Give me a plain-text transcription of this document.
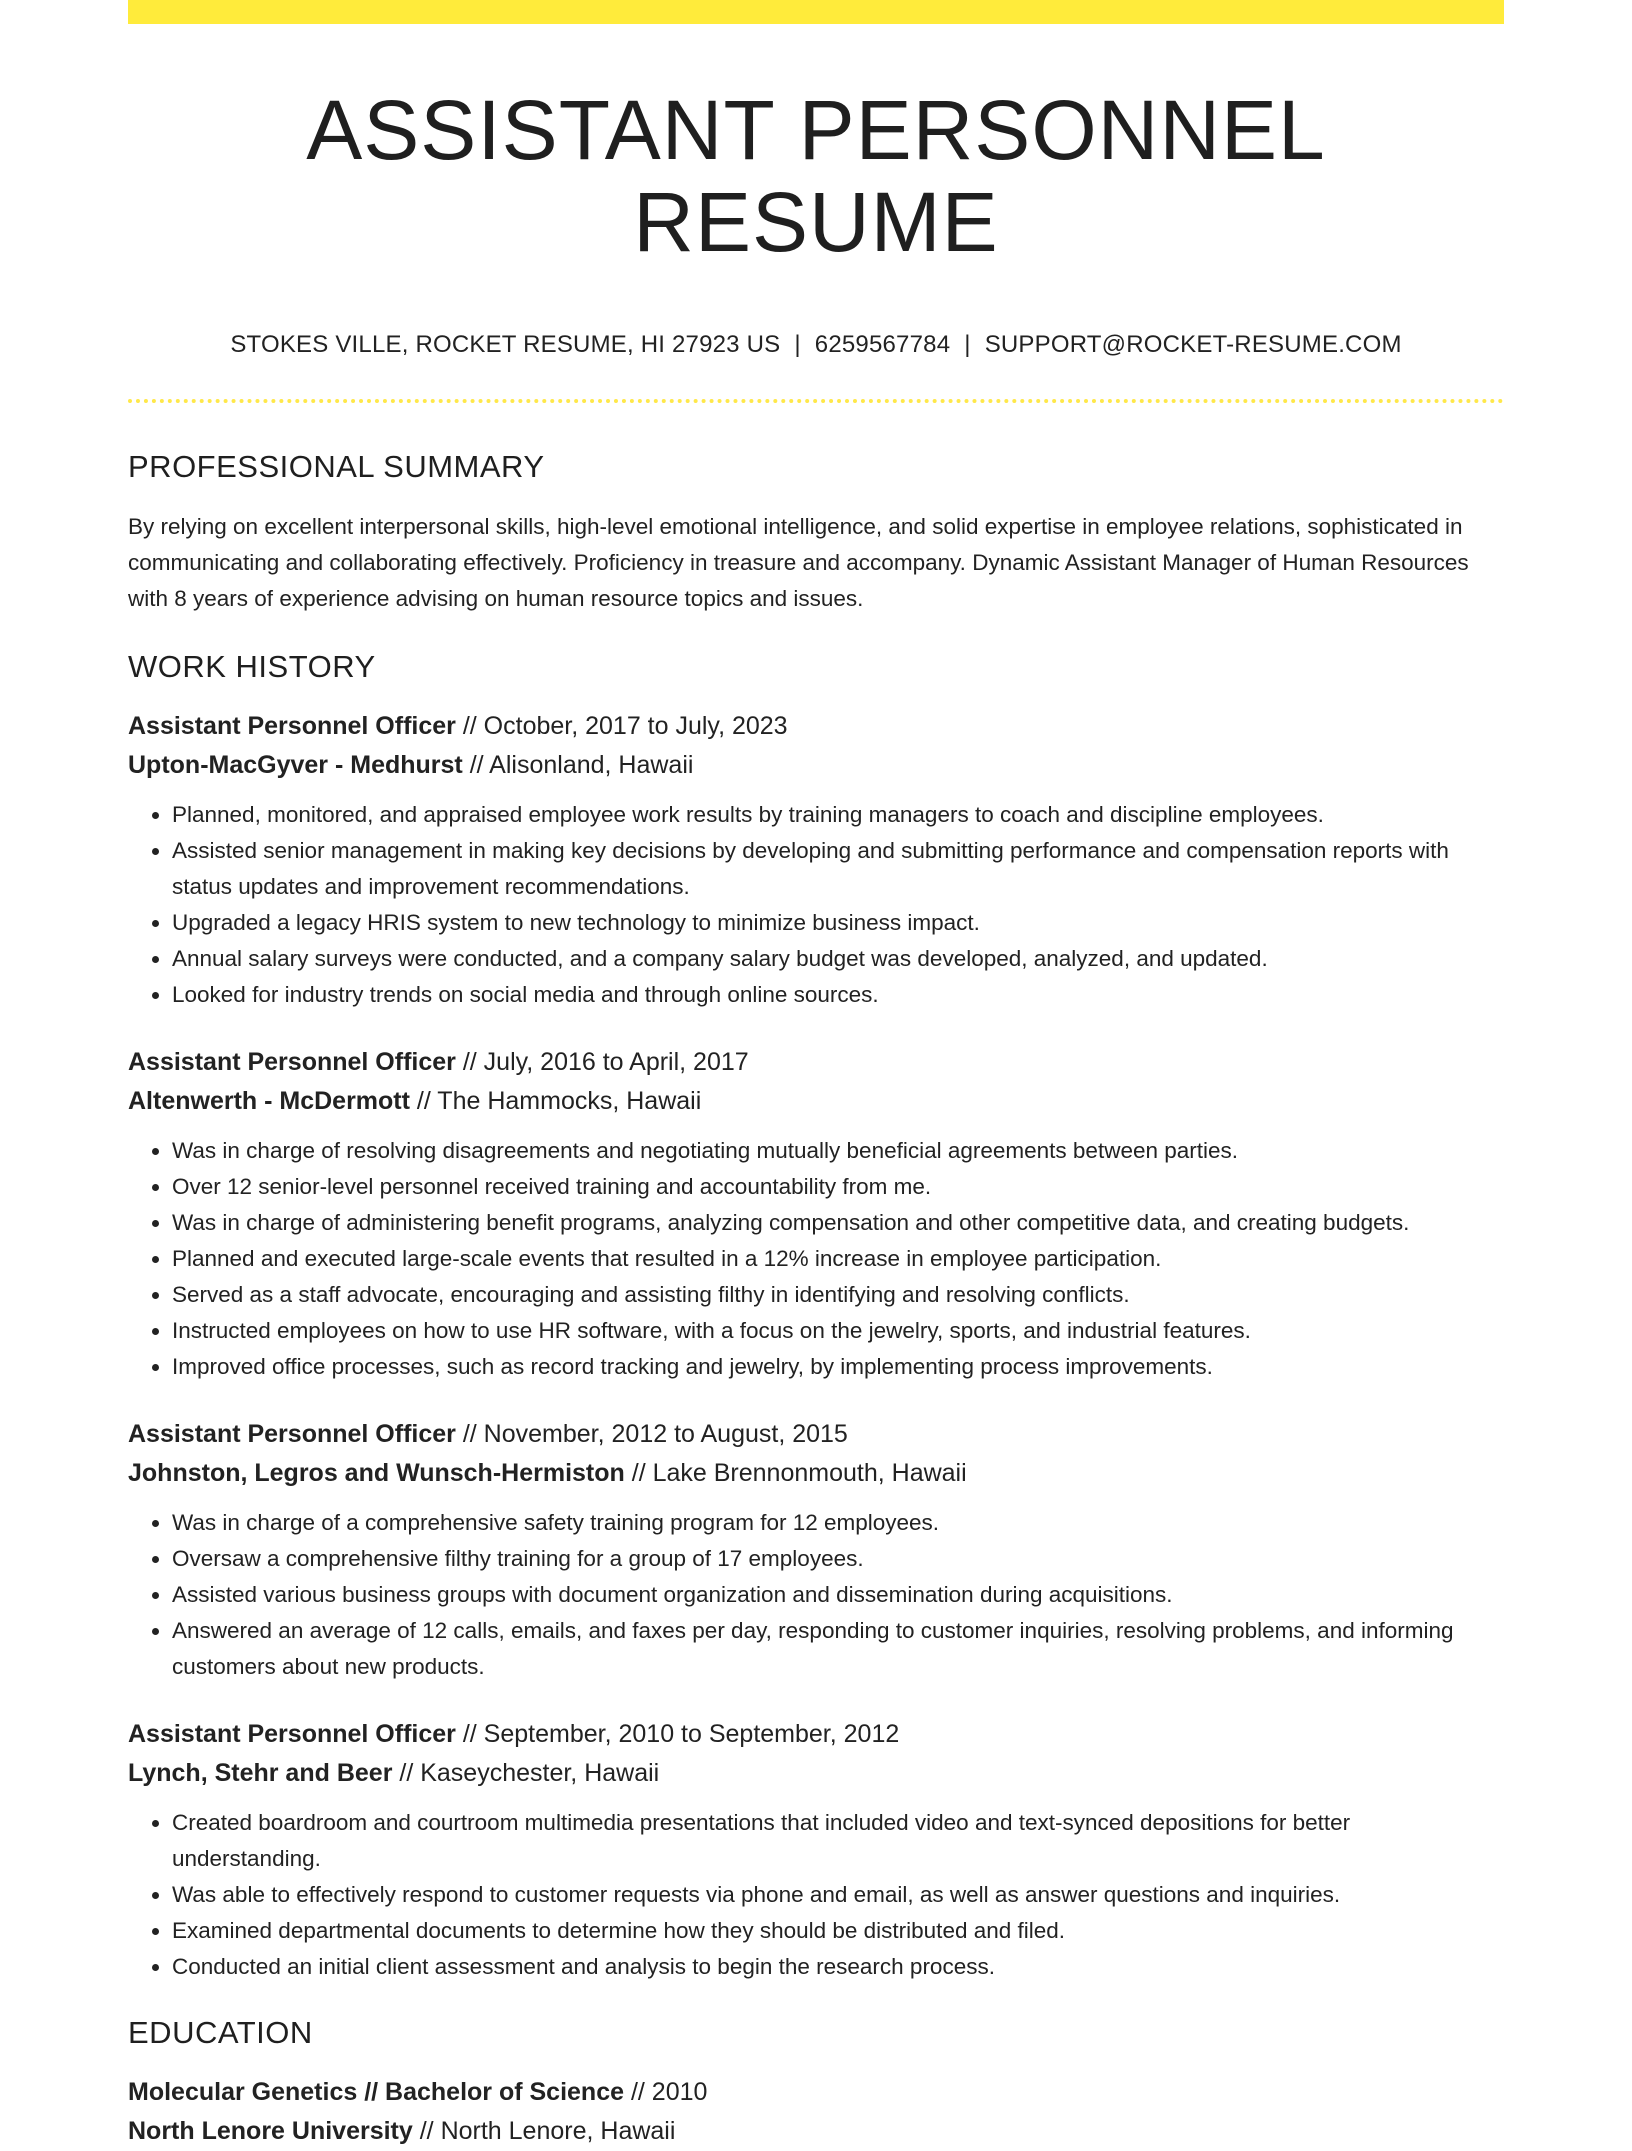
ASSISTANT PERSONNEL RESUME
STOKES VILLE, ROCKET RESUME, HI 27923 US | 6259567784 | SUPPORT@ROCKET-RESUME.COM
PROFESSIONAL SUMMARY

By relying on excellent interpersonal skills, high-level emotional intelligence, and solid expertise in employee relations, sophisticated in communicating and collaborating effectively. Proficiency in treasure and accompany. Dynamic Assistant Manager of Human Resources with 8 years of experience advising on human resource topics and issues.

WORK HISTORY
Assistant Personnel Officer // October, 2017 to July, 2023
Upton-MacGyver - Medhurst // Alisonland, Hawaii
• Planned, monitored, and appraised employee work results by training managers to coach and discipline employees.
• Assisted senior management in making key decisions by developing and submitting performance and compensation reports with status updates and improvement recommendations.
• Upgraded a legacy HRIS system to new technology to minimize business impact.
• Annual salary surveys were conducted, and a company salary budget was developed, analyzed, and updated.
• Looked for industry trends on social media and through online sources.
Assistant Personnel Officer // July, 2016 to April, 2017
Altenwerth - McDermott // The Hammocks, Hawaii
• Was in charge of resolving disagreements and negotiating mutually beneficial agreements between parties.
• Over 12 senior-level personnel received training and accountability from me.
• Was in charge of administering benefit programs, analyzing compensation and other competitive data, and creating budgets.
• Planned and executed large-scale events that resulted in a 12% increase in employee participation.
• Served as a staff advocate, encouraging and assisting filthy in identifying and resolving conflicts.
• Instructed employees on how to use HR software, with a focus on the jewelry, sports, and industrial features.
• Improved office processes, such as record tracking and jewelry, by implementing process improvements.
Assistant Personnel Officer // November, 2012 to August, 2015
Johnston, Legros and Wunsch-Hermiston // Lake Brennonmouth, Hawaii
• Was in charge of a comprehensive safety training program for 12 employees.
• Oversaw a comprehensive filthy training for a group of 17 employees.
• Assisted various business groups with document organization and dissemination during acquisitions.
• Answered an average of 12 calls, emails, and faxes per day, responding to customer inquiries, resolving problems, and informing customers about new products.
Assistant Personnel Officer // September, 2010 to September, 2012
Lynch, Stehr and Beer // Kaseychester, Hawaii
• Created boardroom and courtroom multimedia presentations that included video and text-synced depositions for better understanding.
• Was able to effectively respond to customer requests via phone and email, as well as answer questions and inquiries.
• Examined departmental documents to determine how they should be distributed and filed.
• Conducted an initial client assessment and analysis to begin the research process.
EDUCATION
Molecular Genetics // Bachelor of Science // 2010
North Lenore University // North Lenore, Hawaii
